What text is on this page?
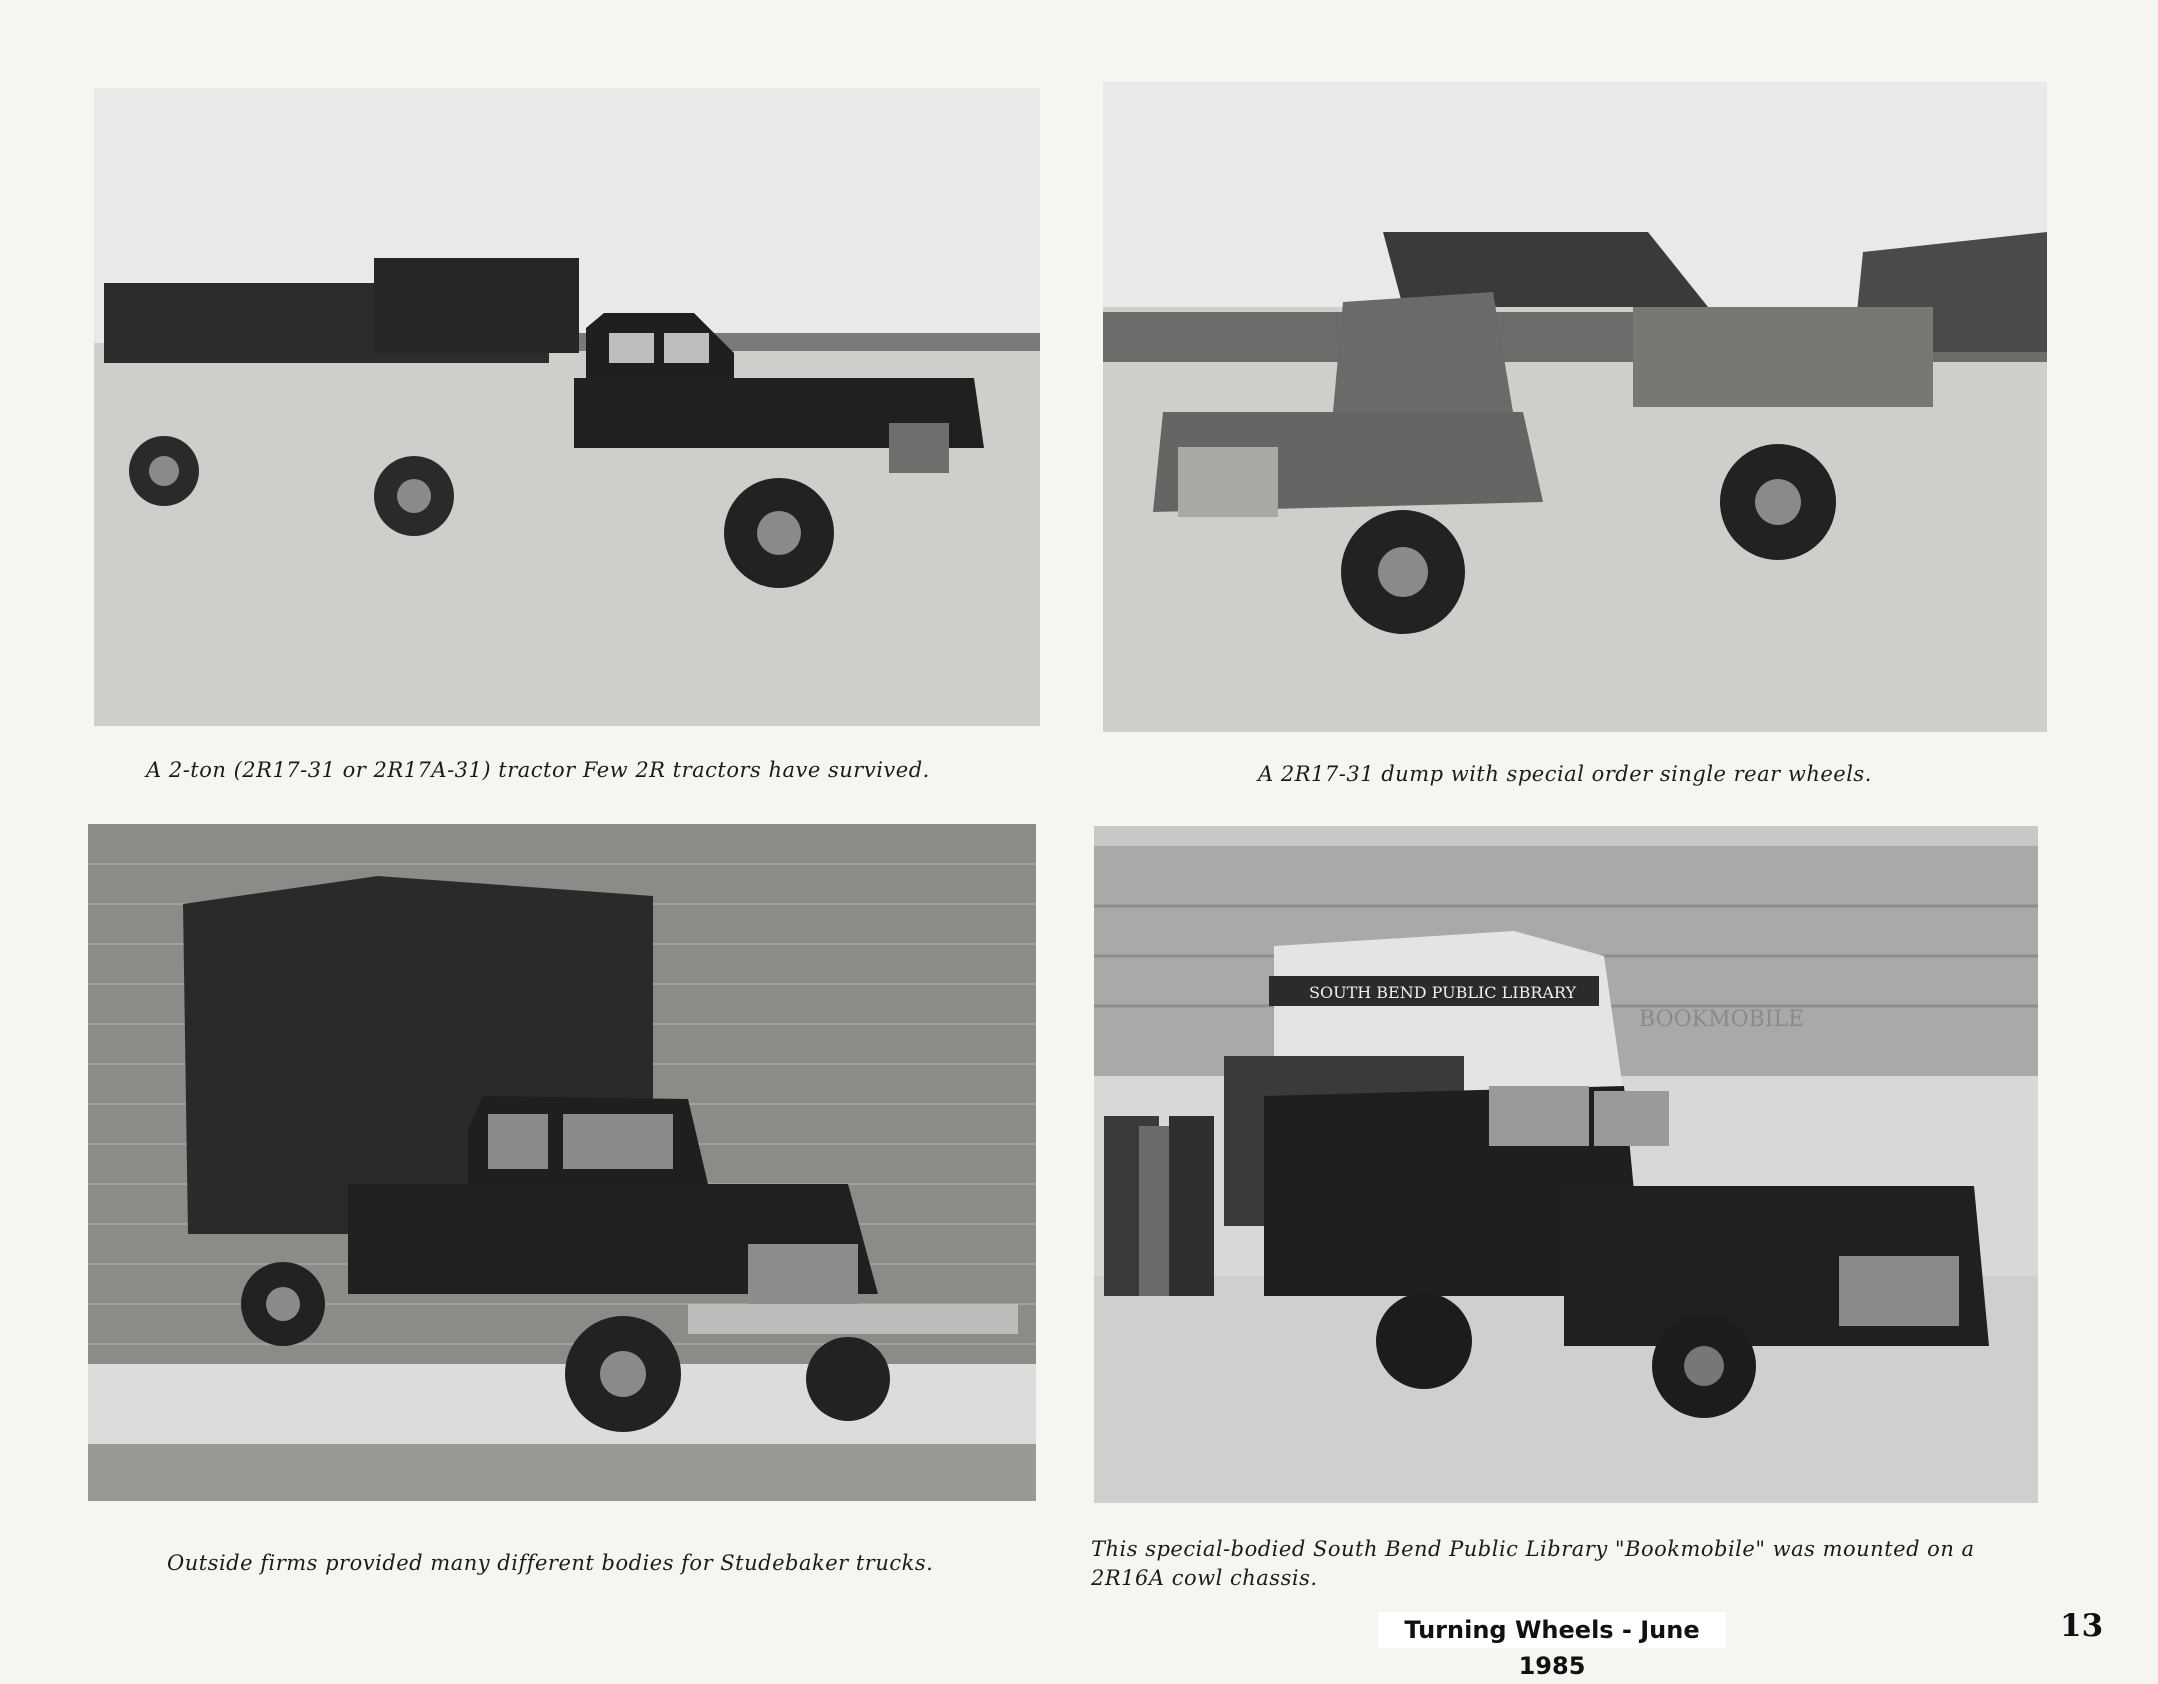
A 2-ton (2R17-31 or 2R17A-31) tractor Few 2R tractors have survived.	A 2R17-31 dump with special order single rear wheels.
Outside firms provided many different bodies for Studebaker trucks.
SOUTH BEND PUBLIC LIBRARY
BOOKMOBILE
This special-bodied South Bend Public Library "Bookmobile" was mounted on a 2R16A cowl chassis.
Turning Wheels - June 1985
13
